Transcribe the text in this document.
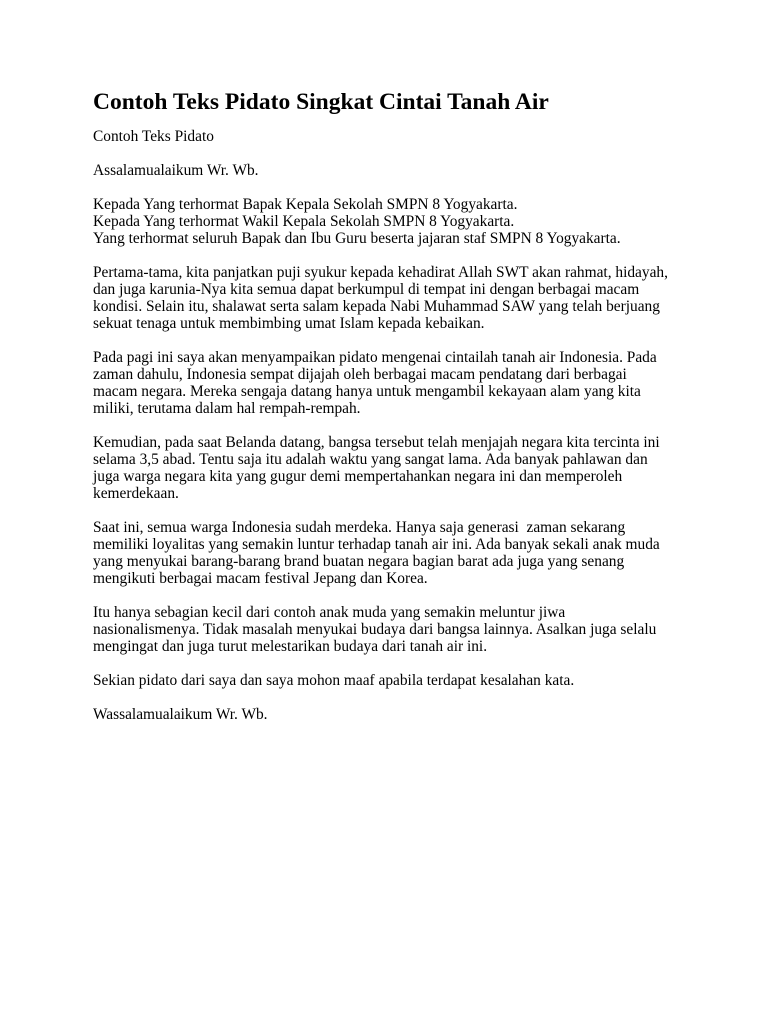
Contoh Teks Pidato Singkat Cintai Tanah Air

Contoh Teks Pidato

Assalamualaikum Wr. Wb.

Kepada Yang terhormat Bapak Kepala Sekolah SMPN 8 Yogyakarta.
Kepada Yang terhormat Wakil Kepala Sekolah SMPN 8 Yogyakarta.
Yang terhormat seluruh Bapak dan Ibu Guru beserta jajaran staf SMPN 8 Yogyakarta.

Pertama-tama, kita panjatkan puji syukur kepada kehadirat Allah SWT akan rahmat, hidayah,
dan juga karunia-Nya kita semua dapat berkumpul di tempat ini dengan berbagai macam
kondisi. Selain itu, shalawat serta salam kepada Nabi Muhammad SAW yang telah berjuang
sekuat tenaga untuk membimbing umat Islam kepada kebaikan.

Pada pagi ini saya akan menyampaikan pidato mengenai cintailah tanah air Indonesia. Pada
zaman dahulu, Indonesia sempat dijajah oleh berbagai macam pendatang dari berbagai
macam negara. Mereka sengaja datang hanya untuk mengambil kekayaan alam yang kita
miliki, terutama dalam hal rempah-rempah.

Kemudian, pada saat Belanda datang, bangsa tersebut telah menjajah negara kita tercinta ini
selama 3,5 abad. Tentu saja itu adalah waktu yang sangat lama. Ada banyak pahlawan dan
juga warga negara kita yang gugur demi mempertahankan negara ini dan memperoleh
kemerdekaan.

Saat ini, semua warga Indonesia sudah merdeka. Hanya saja generasi  zaman sekarang
memiliki loyalitas yang semakin luntur terhadap tanah air ini. Ada banyak sekali anak muda
yang menyukai barang-barang brand buatan negara bagian barat ada juga yang senang
mengikuti berbagai macam festival Jepang dan Korea.

Itu hanya sebagian kecil dari contoh anak muda yang semakin meluntur jiwa
nasionalismenya. Tidak masalah menyukai budaya dari bangsa lainnya. Asalkan juga selalu
mengingat dan juga turut melestarikan budaya dari tanah air ini.

Sekian pidato dari saya dan saya mohon maaf apabila terdapat kesalahan kata.

Wassalamualaikum Wr. Wb.
